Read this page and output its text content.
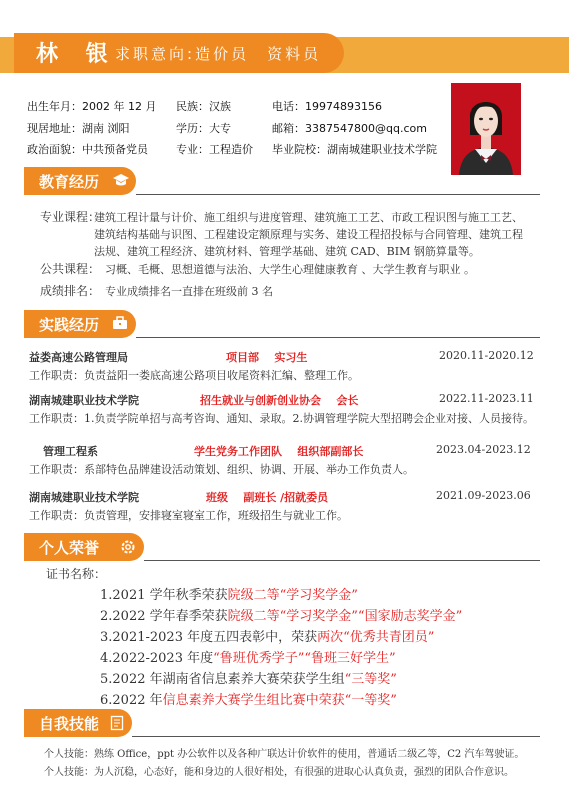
林 银
求职意向:造价员 资料员
出生年月：2002 年 12 月 民族：汉族	电话：19974893156
现居地址：湖南 浏阳	学历：大专	邮箱：3387547800@qq.com
政治面貌：中共预备党员	专业：工程造价 毕业院校：湖南城建职业技术学院
教育经历
专业课程：
建筑工程计量与计价、施工组织与进度管理、建筑施工工艺、市政工程识图与施工工艺、
建筑结构基础与识图、工程建设定额原理与实务、建设工程招投标与合同管理、建筑工程
法规、建筑工程经济、建筑材料、管理学基础、建筑 CAD、BIM 钢筋算量等。
公共课程： 习概、毛概、思想道德与法治、大学生心理健康教育 、大学生教育与职业 。
成绩排名： 专业成绩排名一直排在班级前 3 名
实践经历
益娄高速公路管理局	项目部    实习生	2020.11-2020.12
工作职责：负责益阳一娄底高速公路项目收尾资料汇编、整理工作。
湖南城建职业技术学院	招生就业与创新创业协会    会长	2022.11-2023.11
工作职责：1.负责学院单招与高考咨询、通知、录取。2.协调管理学院大型招聘会企业对接、人员接待。
管理工程系	学生党务工作团队    组织部副部长	2023.04-2023.12
工作职责：系部特色品牌建设活动策划、组织、协调、开展、举办工作负责人。
湖南城建职业技术学院	班级    副班长 /招就委员	2021.09-2023.06
工作职责：负责管理，安排寝室寝室工作，班级招生与就业工作。
个人荣誉
证书名称：
1.2021 学年秋季荣获院级二等“学习奖学金”
2.2022 学年春季荣获院级二等“学习奖学金”“国家励志奖学金”
3.2021-2023 年度五四表彰中，荣获两次“优秀共青团员”
4.2022-2023 年度“鲁班优秀学子”“鲁班三好学生”
5.2022 年湖南省信息素养大赛荣获学生组“三等奖”
6.2022 年信息素养大赛学生组比赛中荣获“一等奖”
自我技能
个人技能：熟练 Office，ppt 办公软件以及各种广联达计价软件的使用，普通话二级乙等，C2 汽车驾驶证。
个人技能：为人沉稳，心态好，能和身边的人很好相处，有很强的进取心认真负责，强烈的团队合作意识。
